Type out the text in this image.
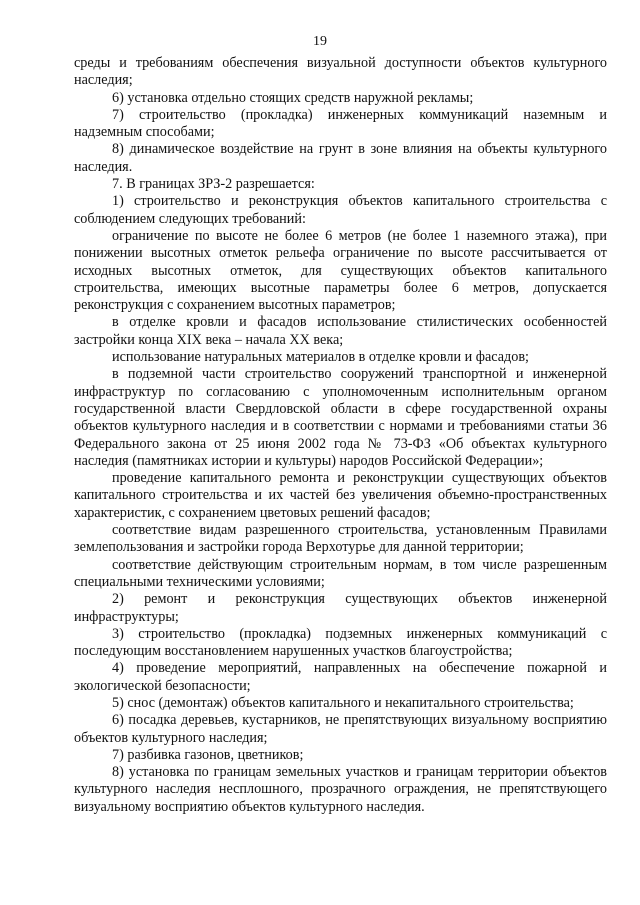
19

среды и требованиям обеспечения визуальной доступности объектов культурного наследия;

6) установка отдельно стоящих средств наружной рекламы;

7) строительство (прокладка) инженерных коммуникаций наземным и надземным способами;

8) динамическое воздействие на грунт в зоне влияния на объекты культурного наследия.

7. В границах ЗРЗ-2 разрешается:

1) строительство и реконструкция объектов капитального строительства с соблюдением следующих требований:

ограничение по высоте не более 6 метров (не более 1 наземного этажа), при понижении высотных отметок рельефа ограничение по высоте рассчитывается от исходных высотных отметок, для существующих объектов капитального строительства, имеющих высотные параметры более 6 метров, допускается реконструкция с сохранением высотных параметров;

в отделке кровли и фасадов использование стилистических особенностей застройки конца XIX века – начала XX века;

использование натуральных материалов в отделке кровли и фасадов;

в подземной части строительство сооружений транспортной и инженерной инфраструктур по согласованию с уполномоченным исполнительным органом государственной власти Свердловской области в сфере государственной охраны объектов культурного наследия и в соответствии с нормами и требованиями статьи 36 Федерального закона от 25 июня 2002 года № 73-ФЗ «Об объектах культурного наследия (памятниках истории и культуры) народов Российской Федерации»;

проведение капитального ремонта и реконструкции существующих объектов капитального строительства и их частей без увеличения объемно-пространственных характеристик, с сохранением цветовых решений фасадов;

соответствие видам разрешенного строительства, установленным Правилами землепользования и застройки города Верхотурье для данной территории;

соответствие действующим строительным нормам, в том числе разрешенным специальными техническими условиями;

2) ремонт и реконструкция существующих объектов инженерной инфраструктуры;

3) строительство (прокладка) подземных инженерных коммуникаций с последующим восстановлением нарушенных участков благоустройства;

4) проведение мероприятий, направленных на обеспечение пожарной и экологической безопасности;

5) снос (демонтаж) объектов капитального и некапитального строительства;

6) посадка деревьев, кустарников, не препятствующих визуальному восприятию объектов культурного наследия;

7) разбивка газонов, цветников;

8) установка по границам земельных участков и границам территории объектов культурного наследия несплошного, прозрачного ограждения, не препятствующего визуальному восприятию объектов культурного наследия.
